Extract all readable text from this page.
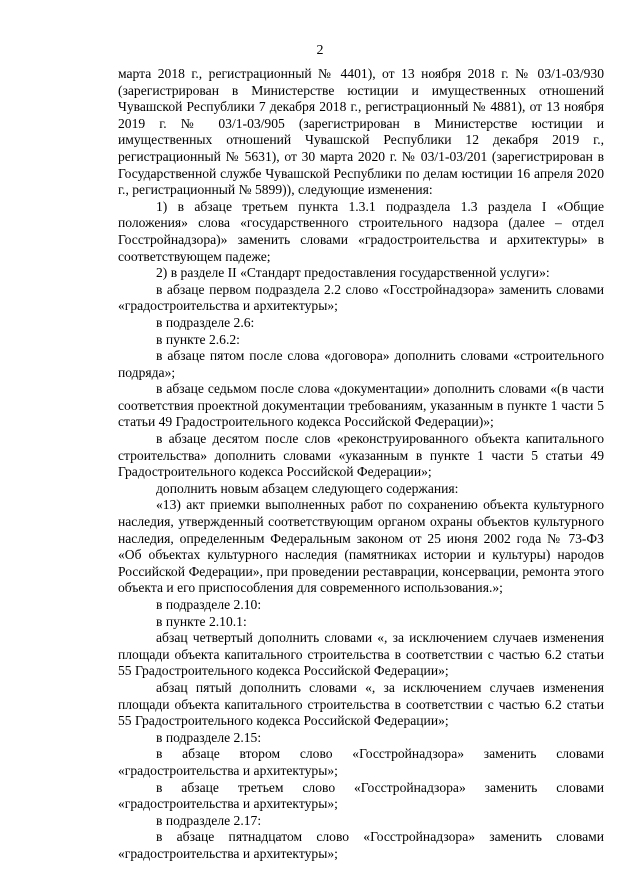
2

марта 2018 г., регистрационный № 4401), от 13 ноября 2018 г. № 03/1-03/930 (зарегистрирован в Министерстве юстиции и имущественных отношений Чувашской Республики 7 декабря 2018 г., регистрационный № 4881), от 13 ноября 2019 г. № 03/1-03/905 (зарегистрирован в Министерстве юстиции и имущественных отношений Чувашской Республики 12 декабря 2019 г., регистрационный № 5631), от 30 марта 2020 г. № 03/1-03/201 (зарегистрирован в Государственной службе Чувашской Республики по делам юстиции 16 апреля 2020 г., регистрационный № 5899)), следующие изменения:

1) в абзаце третьем пункта 1.3.1 подраздела 1.3 раздела I «Общие положения» слова «государственного строительного надзора (далее – отдел Госстройнадзора)» заменить словами «градостроительства и архитектуры» в соответствующем падеже;

2) в разделе II «Стандарт предоставления государственной услуги»:

в абзаце первом подраздела 2.2 слово «Госстройнадзора» заменить словами «градостроительства и архитектуры»;

в подразделе 2.6:

в пункте 2.6.2:

в абзаце пятом после слова «договора» дополнить словами «строительного подряда»;

в абзаце седьмом после слова «документации» дополнить словами «(в части соответствия проектной документации требованиям, указанным в пункте 1 части 5 статьи 49 Градостроительного кодекса Российской Федерации)»;

в абзаце десятом после слов «реконструированного объекта капитального строительства» дополнить словами «указанным в пункте 1 части 5 статьи 49 Градостроительного кодекса Российской Федерации»;

дополнить новым абзацем следующего содержания:

«13) акт приемки выполненных работ по сохранению объекта культурного наследия, утвержденный соответствующим органом охраны объектов культурного наследия, определенным Федеральным законом от 25 июня 2002 года № 73-ФЗ «Об объектах культурного наследия (памятниках истории и культуры) народов Российской Федерации», при проведении реставрации, консервации, ремонта этого объекта и его приспособления для современного использования.»;

в подразделе 2.10:

в пункте 2.10.1:

абзац четвертый дополнить словами «, за исключением случаев изменения площади объекта капитального строительства в соответствии с частью 6.2 статьи 55 Градостроительного кодекса Российской Федерации»;

абзац пятый дополнить словами «, за исключением случаев изменения площади объекта капитального строительства в соответствии с частью 6.2 статьи 55 Градостроительного кодекса Российской Федерации»;

в подразделе 2.15:

в абзаце втором слово «Госстройнадзора» заменить словами «градостроительства и архитектуры»;

в абзаце третьем слово «Госстройнадзора» заменить словами «градостроительства и архитектуры»;

в подразделе 2.17:

в абзаце пятнадцатом слово «Госстройнадзора» заменить словами «градостроительства и архитектуры»;
